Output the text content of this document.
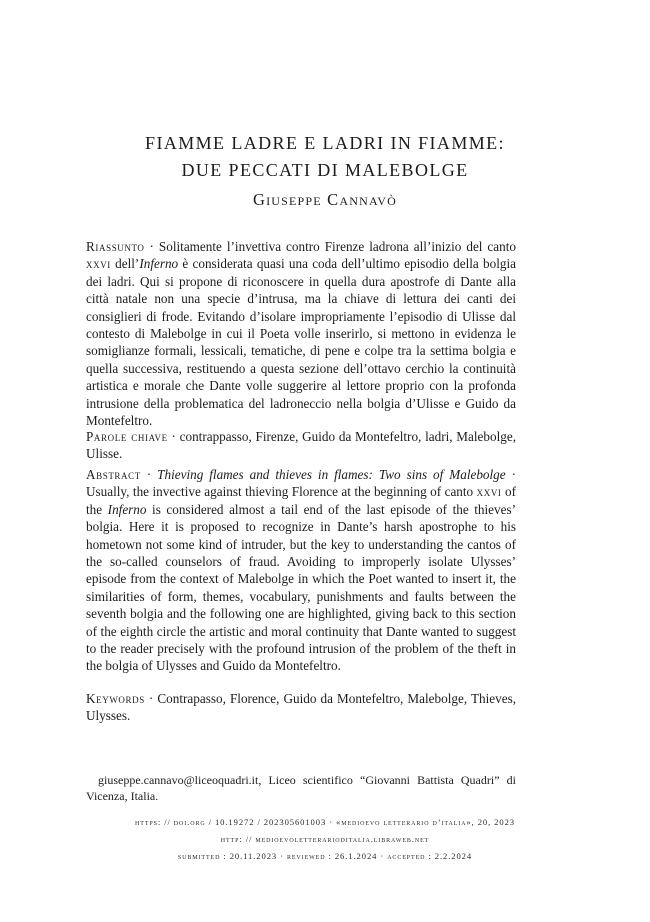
FIAMME LADRE E LADRI IN FIAMME:
DUE PECCATI DI MALEBOLGE
Giuseppe Cannavò
Riassunto · Solitamente l’invettiva contro Firenze ladrona all’inizio del canto xxvi dell’Inferno è considerata quasi una coda dell’ultimo episodio della bolgia dei ladri. Qui si propone di riconoscere in quella dura apostrofe di Dante alla città natale non una specie d’intrusa, ma la chiave di lettura dei canti dei consiglieri di frode. Evitando d’isolare impropriamente l’episodio di Ulisse dal contesto di Malebolge in cui il Poeta volle inserirlo, si mettono in evidenza le somiglianze formali, lessicali, tematiche, di pene e colpe tra la settima bolgia e quella successiva, restituendo a questa sezione dell’ottavo cerchio la continuità artistica e morale che Dante volle suggerire al lettore proprio con la profonda intrusione della problematica del ladroneccio nella bolgia d’Ulisse e Guido da Montefeltro.
Parole chiave · contrappasso, Firenze, Guido da Montefeltro, ladri, Malebolge, Ulisse.
Abstract · Thieving flames and thieves in flames: Two sins of Malebolge · Usually, the invective against thieving Florence at the beginning of canto xxvi of the Inferno is considered almost a tail end of the last episode of the thieves’ bolgia. Here it is proposed to recognize in Dante’s harsh apostrophe to his hometown not some kind of intruder, but the key to understanding the cantos of the so-called counselors of fraud. Avoiding to improperly isolate Ulysses’ episode from the context of Malebolge in which the Poet wanted to insert it, the similarities of form, themes, vocabulary, punishments and faults between the seventh bolgia and the following one are highlighted, giving back to this section of the eighth circle the artistic and moral continuity that Dante wanted to suggest to the reader precisely with the profound intrusion of the problem of the theft in the bolgia of Ulysses and Guido da Montefeltro.
Keywords · Contrapasso, Florence, Guido da Montefeltro, Malebolge, Thieves, Ulysses.
giuseppe.cannavo@liceoquadri.it, Liceo scientifico “Giovanni Battista Quadri” di Vicenza, Italia.
https: // doi.org / 10.19272 / 202305601003 · «medioevo letterario d’italia», 20, 2023
http: // medioevoletterarioditalia.libraweb.net
submitted : 20.11.2023 · reviewed : 26.1.2024 · accepted : 2.2.2024
